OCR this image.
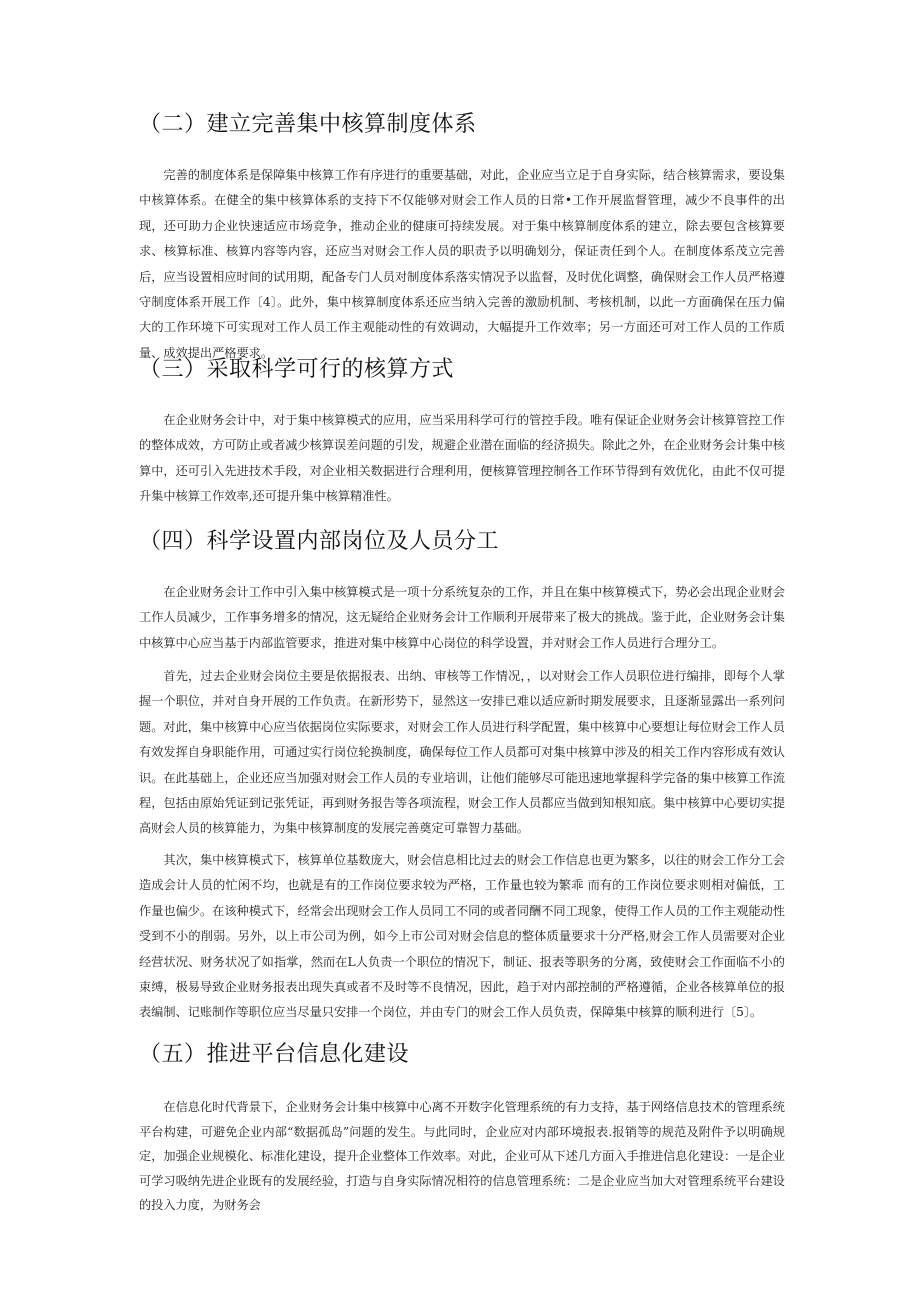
（二）建立完善集中核算制度体系

完善的制度体系是保障集中核算工作有序进行的重要基础，对此，企业应当立足于自身实际，结合核算需求，要设集中核算体系。在健全的集中核算体系的支持下不仅能够对财会工作人员的日常•工作开展监督管理，减少不良事件的出现，还可助力企业快速适应市场竞争，推动企业的健康可持续发展。对于集中核算制度体系的建立，除去要包含核算要求、核算标准、核算内容等内容，还应当对财会工作人员的职责予以明确划分，保证责任到个人。在制度体系茂立完善后，应当设置相应时间的试用期，配备专门人员对制度体系落实情况予以监督，及时优化调整，确保财会工作人员严格遵守制度体系开展工作〔4〕。此外，集中核算制度体系还应当纳入完善的激励机制、考核机制，以此一方面确保在压力偏大的工作环境下可实现对工作人员工作主观能动性的有效调动，大幅提升工作效率；另一方面还可对工作人员的工作质量、成效提出严格要求。

（三）采取科学可行的核算方式

在企业财务会计中，对于集中核算模式的应用，应当采用科学可行的管控手段。唯有保证企业财务会计核算管控工作的整体成效，方可防止或者减少核算误差问题的引发，规避企业潜在面临的经济损失。除此之外，在企业财务会计集中核算中，还可引入先进技术手段，对企业相关数据进行合理利用，便核算管理控制各工作环节得到有效优化，由此不仅可提升集中核算工作效率,还可提升集中核算精准性。

（四）科学设置内部岗位及人员分工

在企业财务会计工作中引入集中核算模式是一项十分系统复杂的工作，并且在集中核算模式下，势必会出现企业财会工作人员减少，工作事务增多的情况，这无疑给企业财务会计工作顺利开展带来了极大的挑战。鉴于此，企业财务会计集中核算中心应当基于内部监管要求，推进对集中核算中心岗位的科学设置，并对财会工作人员进行合理分工。

首先，过去企业财会岗位主要是依据报表、出纳、审核等工作情况，，以对财会工作人员职位进行编排，即每个人掌握一个职位，并对自身开展的工作负责。在新形势下，显然这一安排已难以适应新时期发展要求，且逐渐显露出一系列问题。对此，集中核算中心应当依据岗位实际要求，对财会工作人员进行科学配置，集中核算中心要想让每位财会工作人员有效发挥自身职能作用，可通过实行岗位轮换制度，确保每位工作人员都可对集中核算中涉及的相关工作内容形成有效认识。在此基础上，企业还应当加强对财会工作人员的专业培训，让他们能够尽可能迅速地掌握科学完备的集中核算工作流程，包括由原始凭证到记张凭证，再到财务报告等各项流程，财会工作人员都应当做到知根知底。集中核算中心要切实提高财会人员的核算能力，为集中核算制度的发展完善奠定可靠智力基础。

其次，集中核算模式下，核算单位基数庞大，财会信息相比过去的财会工作信息也更为繁多，以往的财会工作分工会造成会计人员的忙闲不均，也就是有的工作岗位要求较为严格，工作量也较为繁乖 而有的工作岗位要求则相对偏低，工作量也偏少。在该种模式下，经常会出现财会工作人员同工不同的或者同酬不同工现象，使得工作人员的工作主观能动性受到不小的削弱。另外，以上市公司为例，如今上市公司对财会信息的整体质量要求十分严格,财会工作人员需要对企业经营状况、财务状况了如指掌，然而在L人负责一个职位的情况下，制证、报表等职务的分离，致使财会工作面临不小的束缚，极易导致企业财务报表出现失真或者不及时等不良情况，因此，趋于对内部控制的严格遵循，企业各核算单位的报表编制、记账制作等职位应当尽量只安排一个岗位，并由专门的财会工作人员负责，保障集中核算的顺利进行〔5〕。

（五）推进平台信息化建设

在信息化时代背景下，企业财务会计集中核算中心离不开数字化管理系统的有力支持，基于网络信息技术的管理系统平台构建，可避免企业内部“数据孤岛”问题的发生。与此同时，企业应对内部环境报表.报销等的规范及附件予以明确规定，加强企业规模化、标准化建设，提升企业整体工作效率。对此，企业可从下述几方面入手推进信息化建设：一是企业可学习吸纳先进企业既有的发展经验，打造与自身实际情况相符的信息管理系统：二是企业应当加大对管理系统平台建设的投入力度，为财务会
